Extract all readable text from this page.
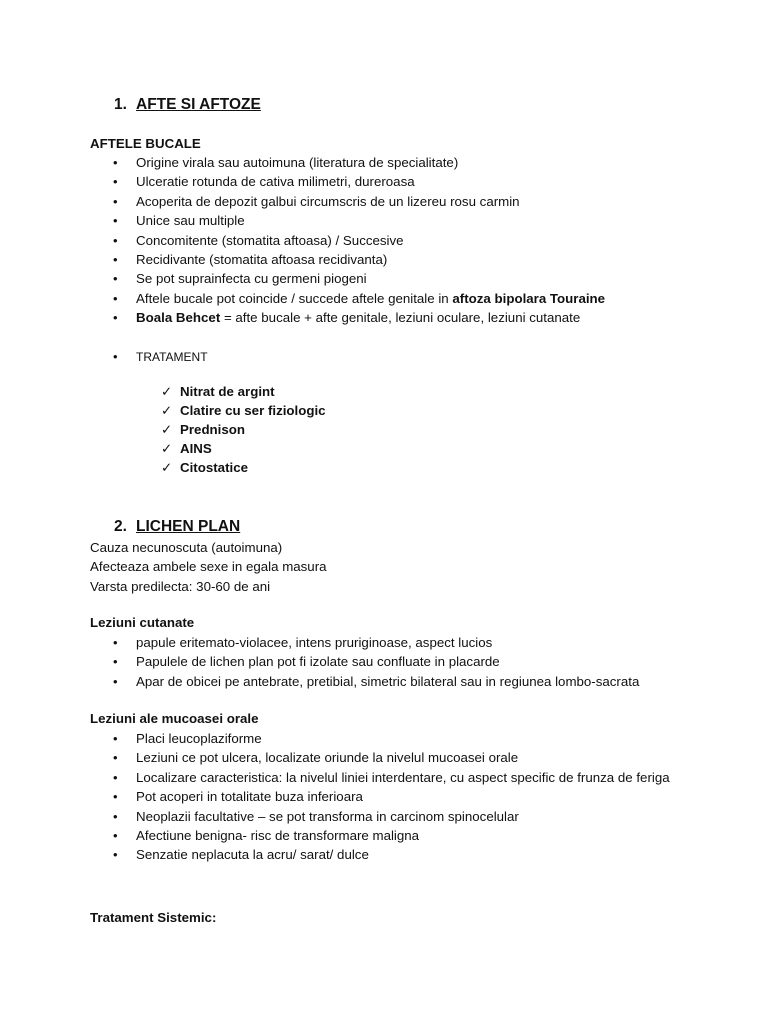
1. AFTE SI AFTOZE
AFTELE BUCALE
• Origine virala sau autoimuna (literatura de specialitate)
• Ulceratie rotunda de cativa milimetri, dureroasa
• Acoperita de depozit galbui circumscris de un lizereu rosu carmin
• Unice sau multiple
• Concomitente (stomatita aftoasa) / Succesive
• Recidivante (stomatita aftoasa recidivanta)
• Se pot suprainfecta cu germeni piogeni
• Aftele bucale pot coincide / succede aftele genitale in aftoza bipolara Touraine
• Boala Behcet = afte bucale + afte genitale, leziuni oculare, leziuni cutanate
• TRATAMENT
✓ Nitrat de argint
✓ Clatire cu ser fiziologic
✓ Prednison
✓ AINS
✓ Citostatice
2. LICHEN PLAN
Cauza necunoscuta (autoimuna)
Afecteaza ambele sexe in egala masura
Varsta predilecta: 30-60 de ani
Leziuni cutanate
• papule eritemato-violacee, intens pruriginoase, aspect lucios
• Papulele de lichen plan pot fi izolate sau confluate in placarde
• Apar de obicei pe antebrate, pretibial, simetric bilateral sau in regiunea lombo-sacrata
Leziuni ale mucoasei orale
• Placi leucoplaziforme
• Leziuni ce pot ulcera, localizate oriunde la nivelul mucoasei orale
• Localizare caracteristica: la nivelul liniei interdentare, cu aspect specific de frunza de feriga
• Pot acoperi in totalitate buza inferioara
• Neoplazii facultative – se pot transforma in carcinom spinocelular
• Afectiune benigna- risc de transformare maligna
• Senzatie neplacuta la acru/ sarat/ dulce
Tratament Sistemic:
